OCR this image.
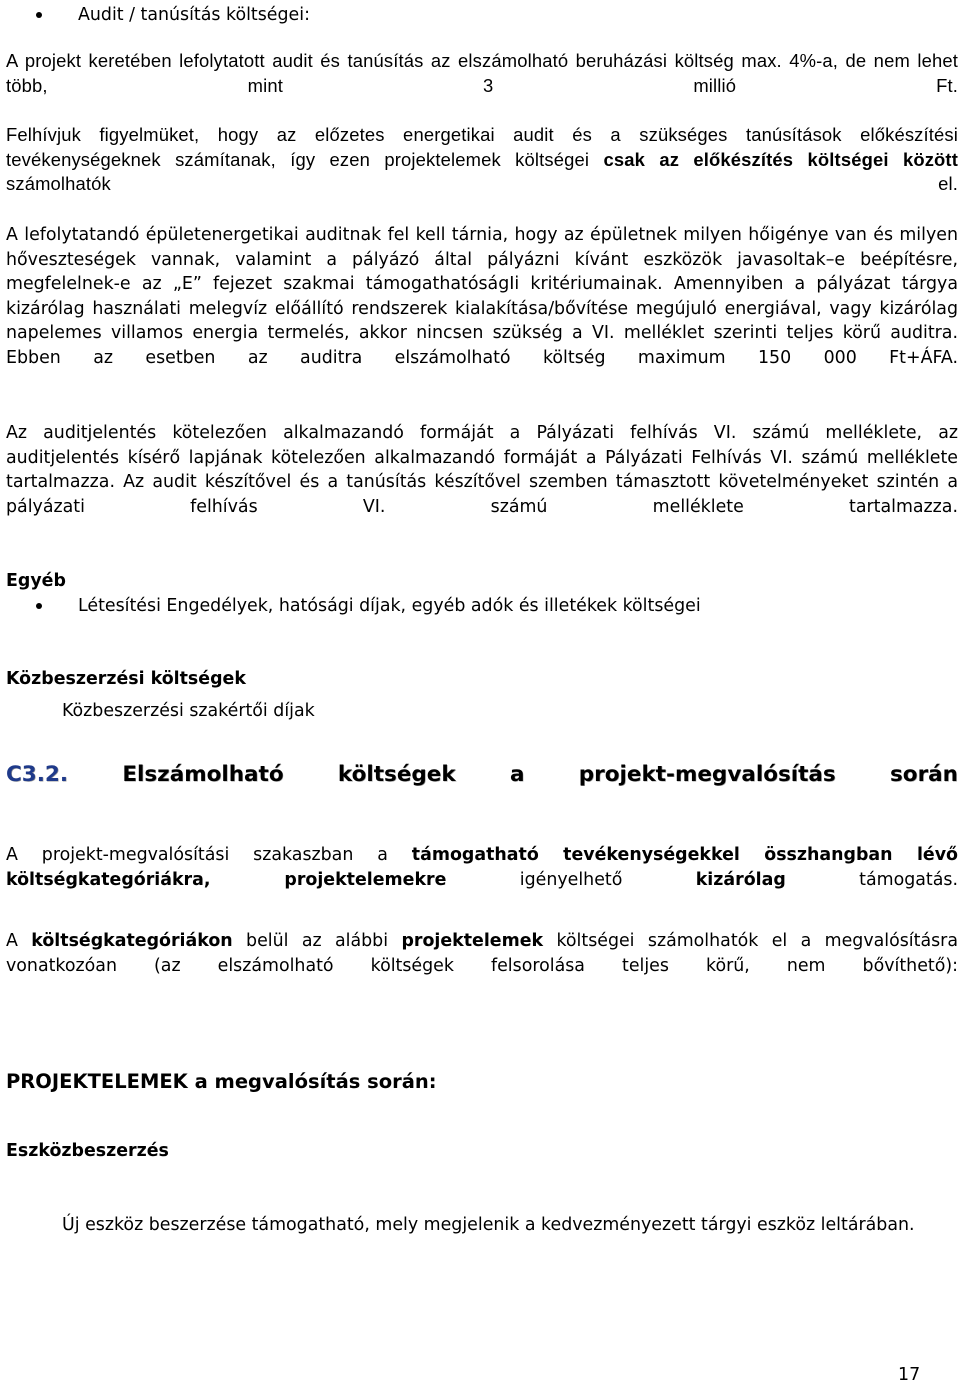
Audit / tanúsítás költségei:

A projekt keretében lefolytatott audit és tanúsítás az elszámolható beruházási költség max. 4%-a, de nem lehet több, mint 3 millió Ft.

Felhívjuk figyelmüket, hogy az előzetes energetikai audit és a szükséges tanúsítások előkészítési tevékenységeknek számítanak, így ezen projektelemek költségei csak az előkészítés költségei között számolhatók el.

A lefolytatandó épületenergetikai auditnak fel kell tárnia, hogy az épületnek milyen hőigénye van és milyen hőveszteségek vannak, valamint a pályázó által pályázni kívánt eszközök javasoltak–e beépítésre, megfelelnek-e az „E” fejezet szakmai támogathatóságIi kritériumainak. Amennyiben a pályázat tárgya kizárólag használati melegvíz előállító rendszerek kialakítása/bővítése megújuló energiával, vagy kizárólag napelemes villamos energia termelés, akkor nincsen szükség a VI. melléklet szerinti teljes körű auditra. Ebben az esetben az auditra elszámolható költség maximum 150 000 Ft+ÁFA.

Az auditjelentés kötelezően alkalmazandó formáját a Pályázati felhívás VI. számú melléklete, az auditjelentés kísérő lapjának kötelezően alkalmazandó formáját a Pályázati Felhívás VI. számú melléklete tartalmazza. Az audit készítővel és a tanúsítás készítővel szemben támasztott követelményeket szintén a pályázati felhívás VI. számú melléklete tartalmazza.

Egyéb
Létesítési Engedélyek, hatósági díjak, egyéb adók és illetékek költségei
Közbeszerzési költségek
Közbeszerzési szakértői díjak
C3.2. Elszámolható költségek a projekt-megvalósítás során

A projekt-megvalósítási szakaszban a támogatható tevékenységekkel összhangban lévő költségkategóriákra, projektelemekre igényelhető kizárólag támogatás.

A költségkategóriákon belül az alábbi projektelemek költségei számolhatók el a megvalósításra vonatkozóan (az elszámolható költségek felsorolása teljes körű, nem bővíthető):

PROJEKTELEMEK a megvalósítás során:
Eszközbeszerzés

Új eszköz beszerzése támogatható, mely megjelenik a kedvezményezett tárgyi eszköz leltárában.

17
